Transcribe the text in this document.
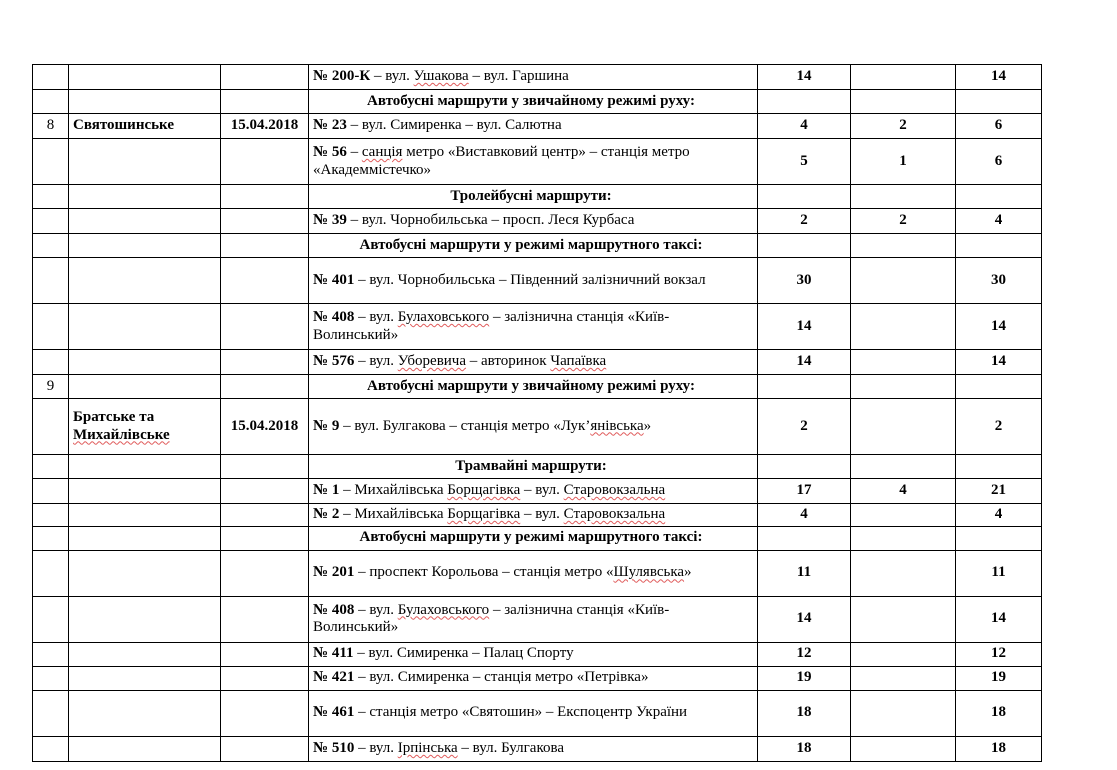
			№ 200-К – вул. Ушакова – вул. Гаршина	14		14
			Автобусні маршрути у звичайному режимі руху:			
8	Святошинське	15.04.2018	№ 23 – вул. Симиренка – вул. Салютна	4	2	6
			№ 56 – санція метро «Виставковий центр» – станція метро «Академмістечко»	5	1	6
			Тролейбусні маршрути:			
			№ 39 – вул. Чорнобильська – просп. Леся Курбаса	2	2	4
			Автобусні маршрути у режимі маршрутного таксі:			
			№ 401 – вул. Чорнобильська – Південний залізничний вокзал	30		30
			№ 408 – вул. Булаховського – залізнична станція «Київ-Волинський»	14		14
			№ 576 – вул. Уборевича – авторинок Чапаївка	14		14
9			Автобусні маршрути у звичайному режимі руху:			
	Братське та Михайлівське	15.04.2018	№ 9 – вул. Булгакова – станція метро «Лук’янівська»	2		2
			Трамвайні маршрути:			
			№ 1 – Михайлівська Борщагівка – вул. Старовокзальна	17	4	21
			№ 2 – Михайлівська Борщагівка – вул. Старовокзальна	4		4
			Автобусні маршрути у режимі маршрутного таксі:			
			№ 201 – проспект Корольова – станція метро «Шулявська»	11		11
			№ 408 – вул. Булаховського – залізнична станція «Київ-Волинський»	14		14
			№ 411 – вул. Симиренка – Палац Спорту	12		12
			№ 421 – вул. Симиренка – станція метро «Петрівка»	19		19
			№ 461 – станція метро «Святошин» – Експоцентр України	18		18
			№ 510 – вул. Ірпінська – вул. Булгакова	18		18
